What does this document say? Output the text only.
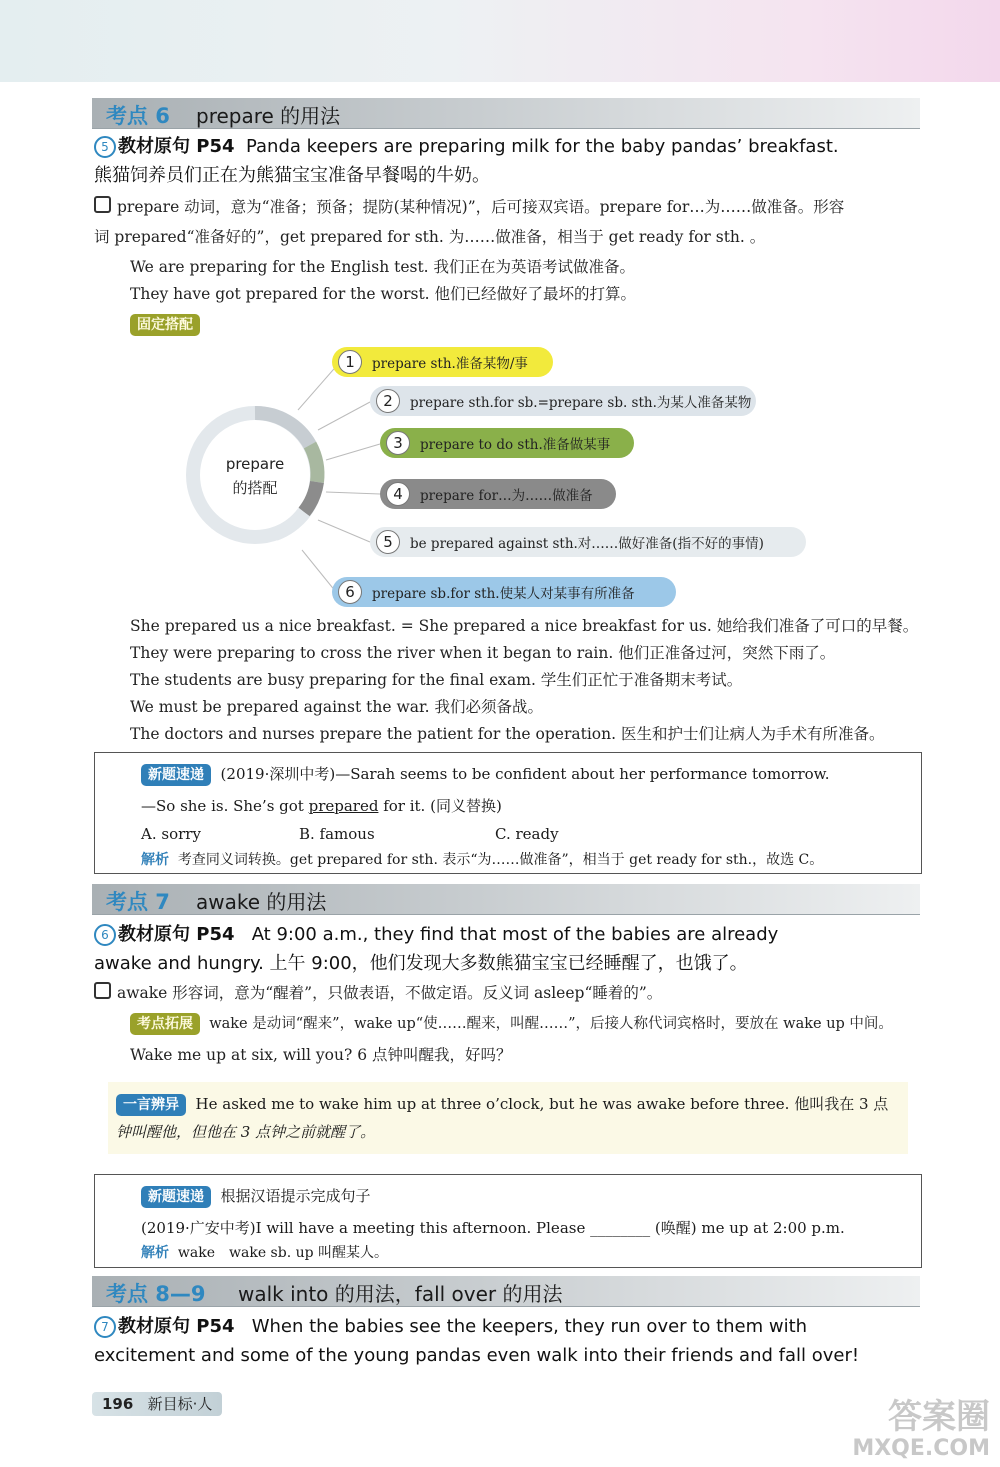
考点 6 prepare 的用法
5 教材原句 P54 Panda keepers are preparing milk for the baby pandas’ breakfast.
熊猫饲养员们正在为熊猫宝宝准备早餐喝的牛奶。
prepare 动词，意为“准备；预备；提防(某种情况)”，后可接双宾语。prepare for…为……做准备。形容
词 prepared“准备好的”，get prepared for sth. 为……做准备，相当于 get ready for sth. 。
We are preparing for the English test. 我们正在为英语考试做准备。
They have got prepared for the worst. 他们已经做好了最坏的打算。
固定搭配
prepare
的搭配
1	prepare sth.准备某物/事
2	prepare sth.for sb.=prepare sb. sth.为某人准备某物
3	prepare to do sth.准备做某事
4	prepare for…为……做准备
5	be prepared against sth.对……做好准备(指不好的事情)
6	prepare sb.for sth.使某人对某事有所准备
She prepared us a nice breakfast. = She prepared a nice breakfast for us. 她给我们准备了可口的早餐。
They were preparing to cross the river when it began to rain. 他们正准备过河，突然下雨了。
The students are busy preparing for the final exam. 学生们正忙于准备期末考试。
We must be prepared against the war. 我们必须备战。
The doctors and nurses prepare the patient for the operation. 医生和护士们让病人为手术有所准备。
新题速递 (2019·深圳中考)—Sarah seems to be confident about her performance tomorrow.
—So she is. She’s got prepared for it. (同义替换)
A. sorry	B. famous	C. ready
解析 考查同义词转换。get prepared for sth. 表示“为……做准备”，相当于 get ready for sth.，故选 C。
考点 7 awake 的用法
6 教材原句 P54 At 9:00 a.m., they find that most of the babies are already
awake and hungry. 上午 9:00，他们发现大多数熊猫宝宝已经睡醒了，也饿了。
awake 形容词，意为“醒着”，只做表语，不做定语。反义词 asleep“睡着的”。
考点拓展 wake 是动词“醒来”，wake up“使……醒来，叫醒……”，后接人称代词宾格时，要放在 wake up 中间。
Wake me up at six, will you? 6 点钟叫醒我，好吗？
一言辨异 He asked me to wake him up at three o’clock, but he was awake before three. 他叫我在 3 点
钟叫醒他，但他在 3 点钟之前就醒了。
新题速递 根据汉语提示完成句子
(2019·广安中考)I will have a meeting this afternoon. Please ________ (唤醒) me up at 2:00 p.m.
解析 wake　wake sb. up 叫醒某人。
考点 8—9 walk into 的用法，fall over 的用法
7 教材原句 P54 When the babies see the keepers, they run over to them with
excitement and some of the young pandas even walk into their friends and fall over!
196 新目标·人	答案圈
MXQE.COM
